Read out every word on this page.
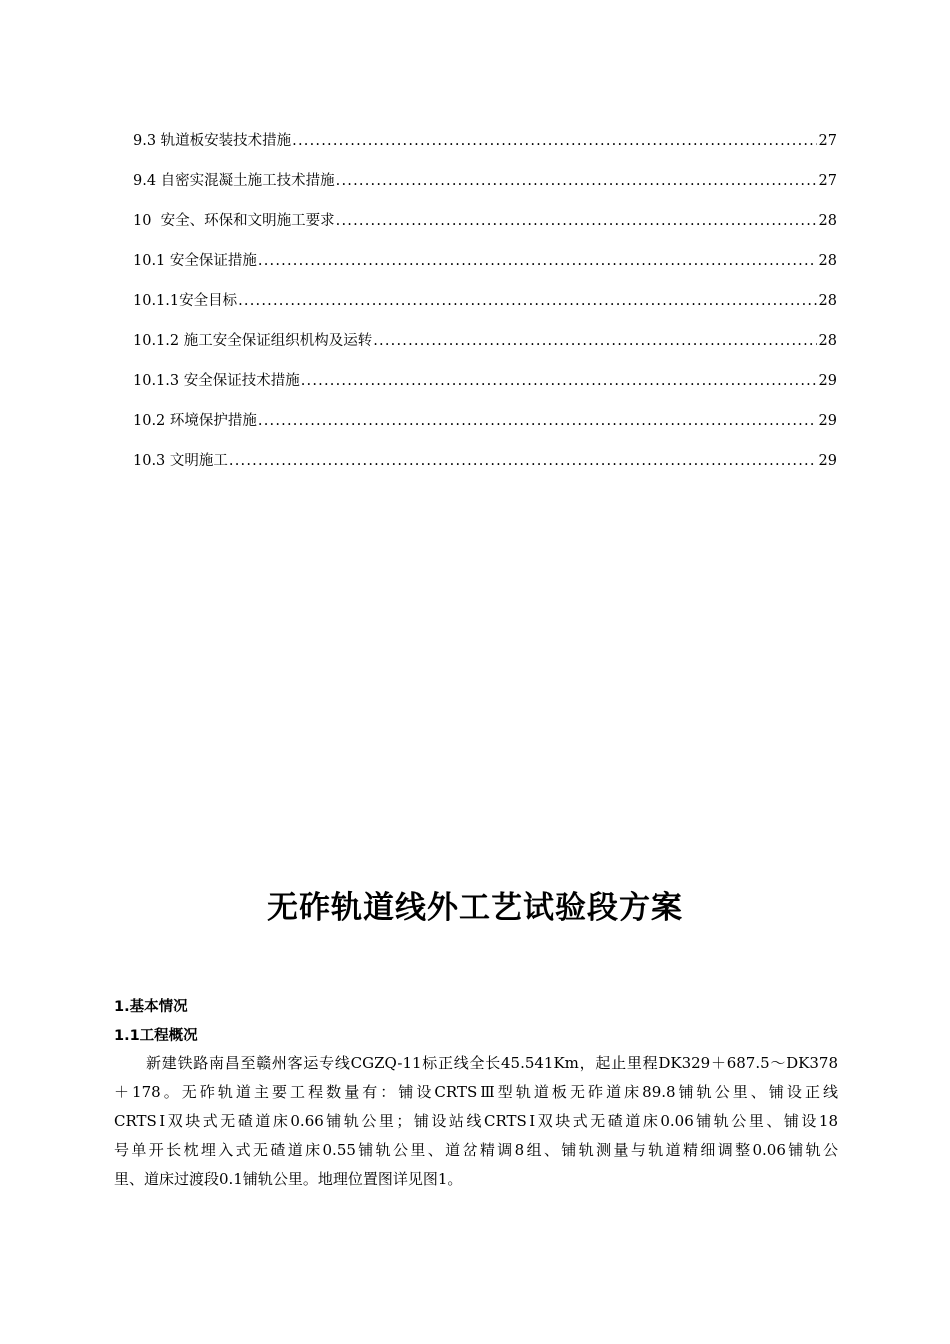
9.3 轨道板安装技术措施 .....	27
9.4 自密实混凝土施工技术措施 .....	27
10  安全、环保和文明施工要求 .....	28
10.1 安全保证措施 .....	28
10.1.1安全目标 .....	28
10.1.2 施工安全保证组织机构及运转 .....	28
10.1.3 安全保证技术措施 .....	29
10.2 环境保护措施 .....	29
10.3 文明施工 .....	29
无砟轨道线外工艺试验段方案
1.基本情况
1.1工程概况
新建铁路南昌至赣州客运专线CGZQ-11标正线全长45.541Km，起止里程DK329＋687.5～DK378
＋178。无砟轨道主要工程数量有：铺设CRTSⅢ型轨道板无砟道床89.8铺轨公里、铺设正线
CRTSⅠ双块式无碴道床0.66铺轨公里；铺设站线CRTSⅠ双块式无碴道床0.06铺轨公里、铺设18
号单开长枕埋入式无碴道床0.55铺轨公里、道岔精调8组、铺轨测量与轨道精细调整0.06铺轨公
里、道床过渡段0.1铺轨公里。地理位置图详见图1。
